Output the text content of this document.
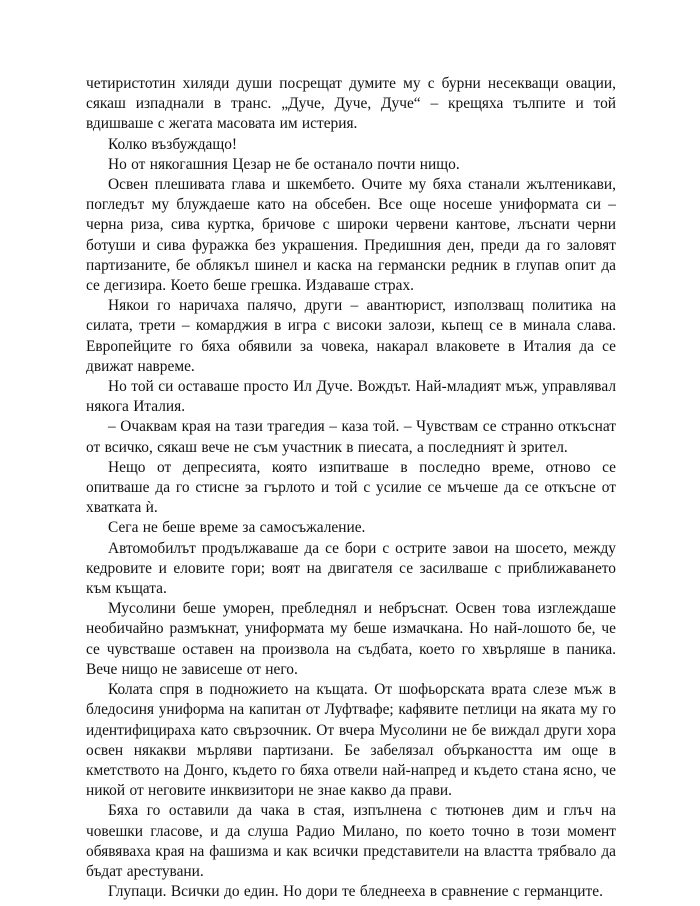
четиристотин хиляди души посрещат думите му с бурни несекващи овации, сякаш изпаднали в транс. „Дуче, Дуче, Дуче“ – крещяха тълпите и той вдишваше с жегата масовата им истерия.

Колко възбуждащо!

Но от някогашния Цезар не бе останало почти нищо.

Освен плешивата глава и шкембето. Очите му бяха станали жълтеникави, погледът му блуждаеше като на обсебен. Все още носеше униформата си – черна риза, сива куртка, бричове с широки червени кантове, лъснати черни ботуши и сива фуражка без украшения. Предишния ден, преди да го заловят партизаните, бе облякъл шинел и каска на германски редник в глупав опит да се дегизира. Което беше грешка. Издаваше страх.

Някои го наричаха палячо, други – авантюрист, използващ политика на силата, трети – комарджия в игра с високи залози, кьпещ се в минала слава. Европейците го бяха обявили за човека, накарал влаковете в Италия да се движат навреме.

Но той си оставаше просто Ил Дуче. Вождът. Най-младият мъж, управлявал някога Италия.

– Очаквам края на тази трагедия – каза той. – Чувствам се странно откъснат от всичко, сякаш вече не съм участник в пиесата, а последният ѝ зрител.

Нещо от депресията, която изпитваше в последно време, отново се опитваше да го стисне за гърлото и той с усилие се мъчеше да се откъсне от хватката ѝ.

Сега не беше време за самосъжаление.

Автомобилът продължаваше да се бори с острите завои на шосето, между кедровите и еловите гори; воят на двигателя се засилваше с приближаването към къщата.

Мусолини беше уморен, пребледнял и небръснат. Освен това изглеждаше необичайно размъкнат, униформата му беше измачкана. Но най-лошото бе, че се чувстваше оставен на произвола на съдбата, което го хвърляше в паника. Вече нищо не зависеше от него.

Колата спря в подножието на къщата. От шофьорската врата слезе мъж в бледосиня униформа на капитан от Луфтвафе; кафявите петлици на яката му го идентифицираха като свързочник. От вчера Мусолини не бе виждал други хора освен някакви мърляви партизани. Бе забелязал объркаността им още в кметството на Донго, където го бяха отвели най-напред и където стана ясно, че никой от неговите инквизитори не знае какво да прави.

Бяха го оставили да чака в стая, изпълнена с тютюнев дим и глъч на човешки гласове, и да слуша Радио Милано, по което точно в този момент обявяваха края на фашизма и как всички представители на властта трябвало да бъдат арестувани.

Глупаци. Всички до един. Но дори те бледнееха в сравнение с германците.
